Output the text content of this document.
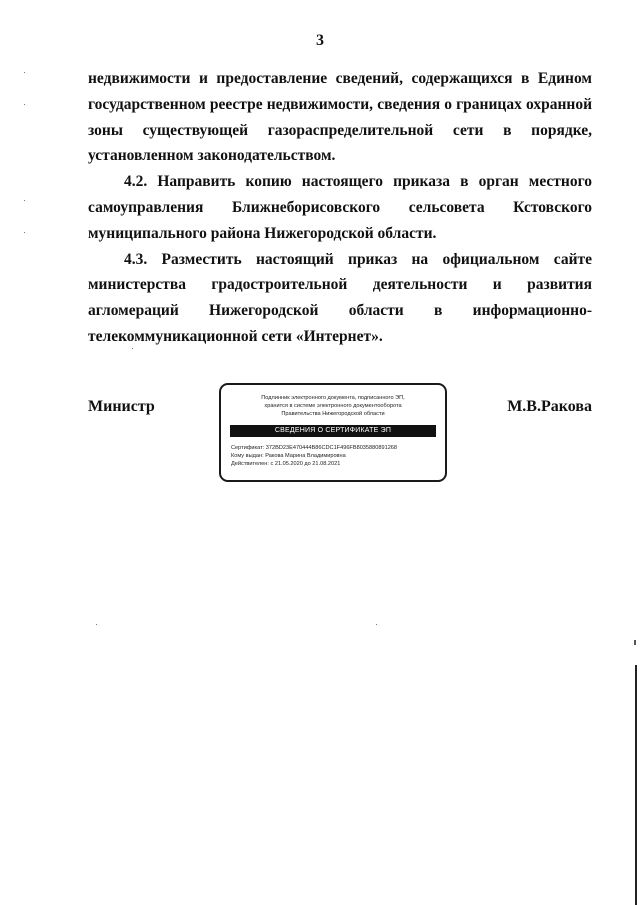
3

недвижимости и предоставление сведений, содержащихся в Едином государственном реестре недвижимости, сведения о границах охранной зоны существующей газораспределительной сети в порядке, установленном законодательством.

4.2. Направить копию настоящего приказа в орган местного самоуправления Ближнеборисовского сельсовета Кстовского муниципального района Нижегородской области.

4.3. Разместить настоящий приказ на официальном сайте министерства градостроительной деятельности и развития агломераций Нижегородской области в информационно-телекоммуникационной сети «Интернет».

Министр	М.В.Ракова
Подлинник электронного документа, подписанного ЭП,
хранится в системе электронного документооборота
Правительства Нижегородской области
СВЕДЕНИЯ О СЕРТИФИКАТЕ ЭП
Сертификат: 372BD23E470444B86CDC1F496FB8035880891268
Кому выдан: Ракова Марина Владимировна
Действителен: с 21.05.2020 до 21.08.2021
